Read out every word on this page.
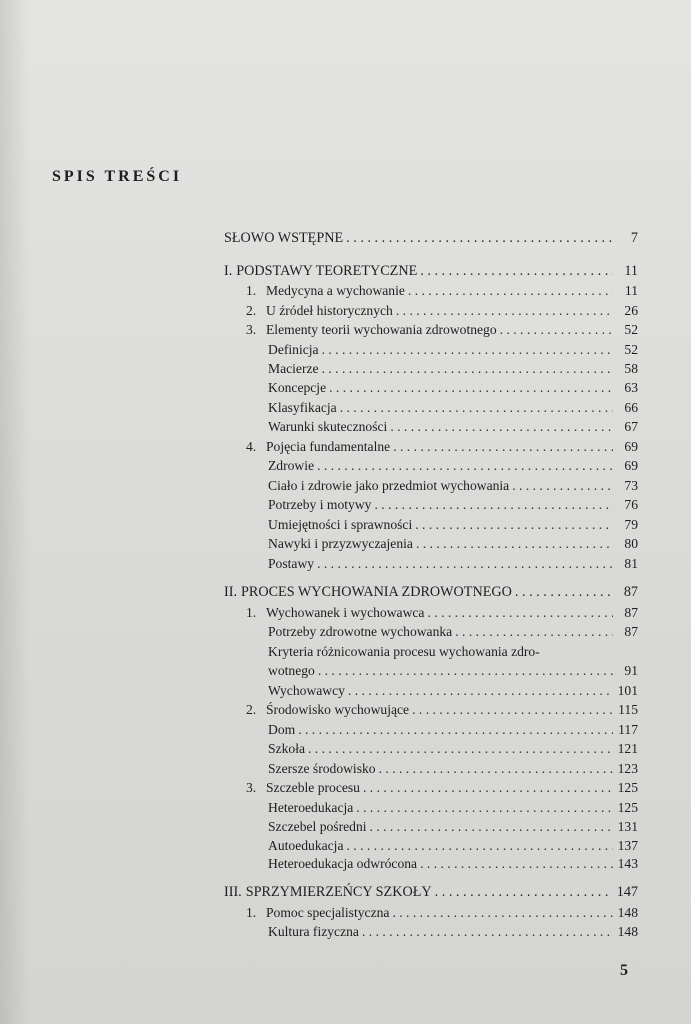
SPIS TREŚCI
SŁOWO WSTĘPNE . . .	7
I. PODSTAWY TEORETYCZNE . . .	11
1. Medycyna a wychowanie . . .	11
2. U źródeł historycznych . . .	26
3. Elementy teorii wychowania zdrowotnego . . .	52
Definicja . . .	52
Macierze . . .	58
Koncepcje . . .	63
Klasyfikacja . . .	66
Warunki skuteczności . . .	67
4. Pojęcia fundamentalne . . .	69
Zdrowie . . .	69
Ciało i zdrowie jako przedmiot wychowania . . .	73
Potrzeby i motywy . . .	76
Umiejętności i sprawności . . .	79
Nawyki i przyzwyczajenia . . .	80
Postawy . . .	81
II. PROCES WYCHOWANIA ZDROWOTNEGO . . .	87
1. Wychowanek i wychowawca . . .	87
Potrzeby zdrowotne wychowanka . . .	87
Kryteria różnicowania procesu wychowania zdro-
wotnego . . .	91
Wychowawcy . . .	101
2. Środowisko wychowujące . . .	115
Dom . . .	117
Szkoła . . .	121
Szersze środowisko . . .	123
3. Szczeble procesu . . .	125
Heteroedukacja . . .	125
Szczebel pośredni . . .	131
Autoedukacja . . .	137
Heteroedukacja odwrócona . . .	143
III. SPRZYMIERZEŃCY SZKOŁY . . .	147
1. Pomoc specjalistyczna . . .	148
Kultura fizyczna . . .	148
5
